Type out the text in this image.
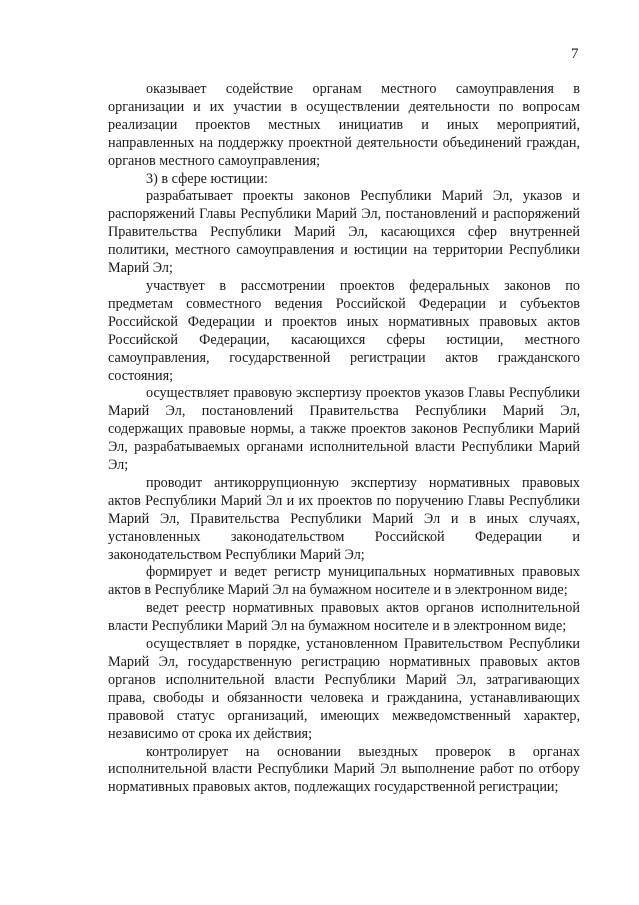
7

оказывает содействие органам местного самоуправления в организации и их участии в осуществлении деятельности по вопросам реализации проектов местных инициатив и иных мероприятий, направленных на поддержку проектной деятельности объединений граждан, органов местного самоуправления;

3) в сфере юстиции:

разрабатывает проекты законов Республики Марий Эл, указов и распоряжений Главы Республики Марий Эл, постановлений и распоряжений Правительства Республики Марий Эл, касающихся сфер внутренней политики, местного самоуправления и юстиции на территории Республики Марий Эл;

участвует в рассмотрении проектов федеральных законов по предметам совместного ведения Российской Федерации и субъектов Российской Федерации и проектов иных нормативных правовых актов Российской Федерации, касающихся сферы юстиции, местного самоуправления, государственной регистрации актов гражданского состояния;

осуществляет правовую экспертизу проектов указов Главы Республики Марий Эл, постановлений Правительства Республики Марий Эл, содержащих правовые нормы, а также проектов законов Республики Марий Эл, разрабатываемых органами исполнительной власти Республики Марий Эл;

проводит антикоррупционную экспертизу нормативных правовых актов Республики Марий Эл и их проектов по поручению Главы Республики Марий Эл, Правительства Республики Марий Эл и в иных случаях, установленных законодательством Российской Федерации и законодательством Республики Марий Эл;

формирует и ведет регистр муниципальных нормативных правовых актов в Республике Марий Эл на бумажном носителе и в электронном виде;

ведет реестр нормативных правовых актов органов исполнительной власти Республики Марий Эл на бумажном носителе и в электронном виде;

осуществляет в порядке, установленном Правительством Республики Марий Эл, государственную регистрацию нормативных правовых актов органов исполнительной власти Республики Марий Эл, затрагивающих права, свободы и обязанности человека и гражданина, устанавливающих правовой статус организаций, имеющих межведомственный характер, независимо от срока их действия;

контролирует на основании выездных проверок в органах исполнительной власти Республики Марий Эл выполнение работ по отбору нормативных правовых актов, подлежащих государственной регистрации;
